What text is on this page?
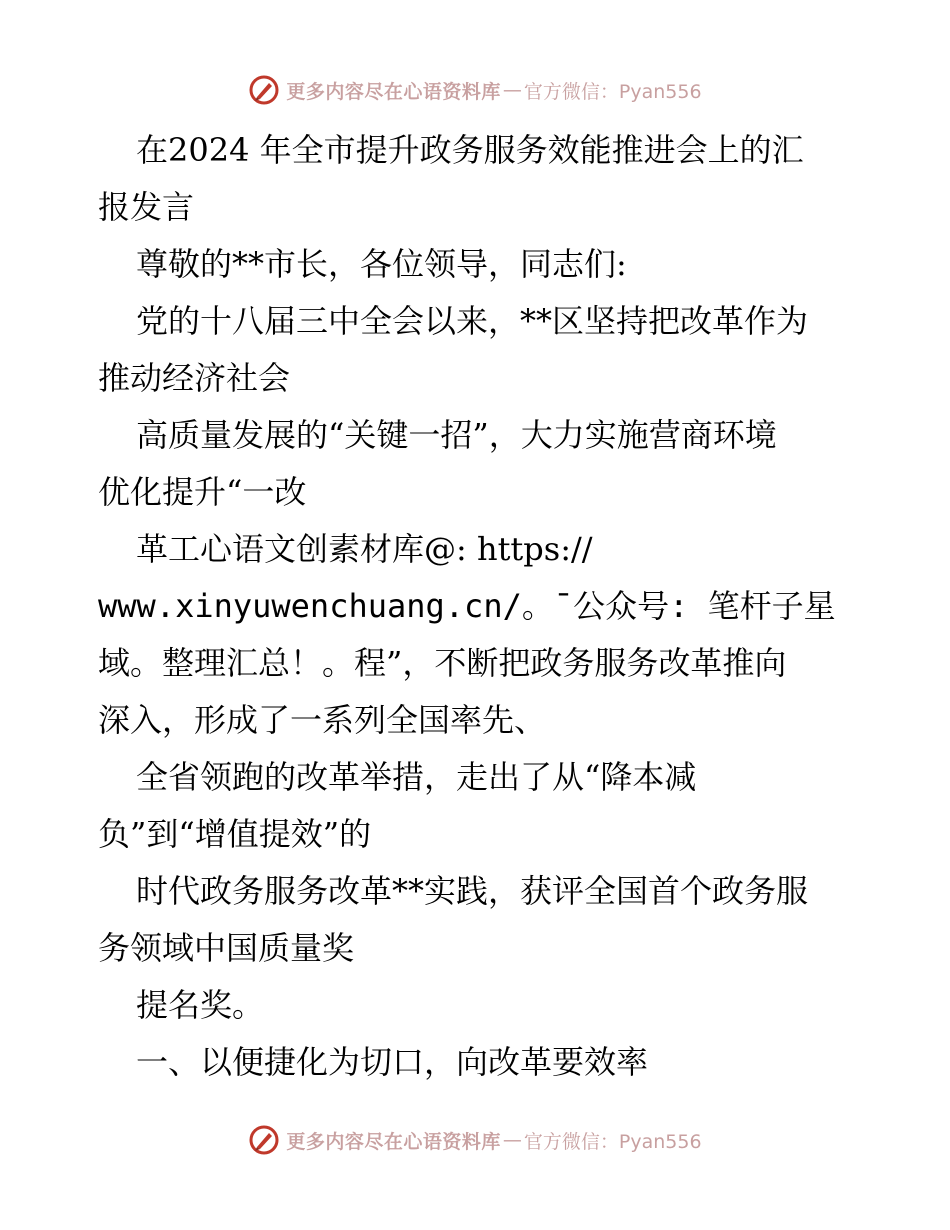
更多内容尽在心语资料库 — 官方微信：Pyan556
在2024 年全市提升政务服务效能推进会上的汇
报发言
尊敬的**市长，各位领导，同志们:
党的十八届三中全会以来，**区坚持把改革作为
推动经济社会
高质量发展的“关键一招”，大力实施营商环境
优化提升“一改
革工心语文创素材库@: https://
www.xinyuwenchuang.cn/。¯公众号: 笔杆子星
域。整理汇总！。程”，不断把政务服务改革推向
深入，形成了一系列全国率先、
全省领跑的改革举措，走出了从“降本减
负”到“增值提效”的
时代政务服务改革**实践，获评全国首个政务服
务领域中国质量奖
提名奖。
一、以便捷化为切口，向改革要效率
更多内容尽在心语资料库 — 官方微信：Pyan556
